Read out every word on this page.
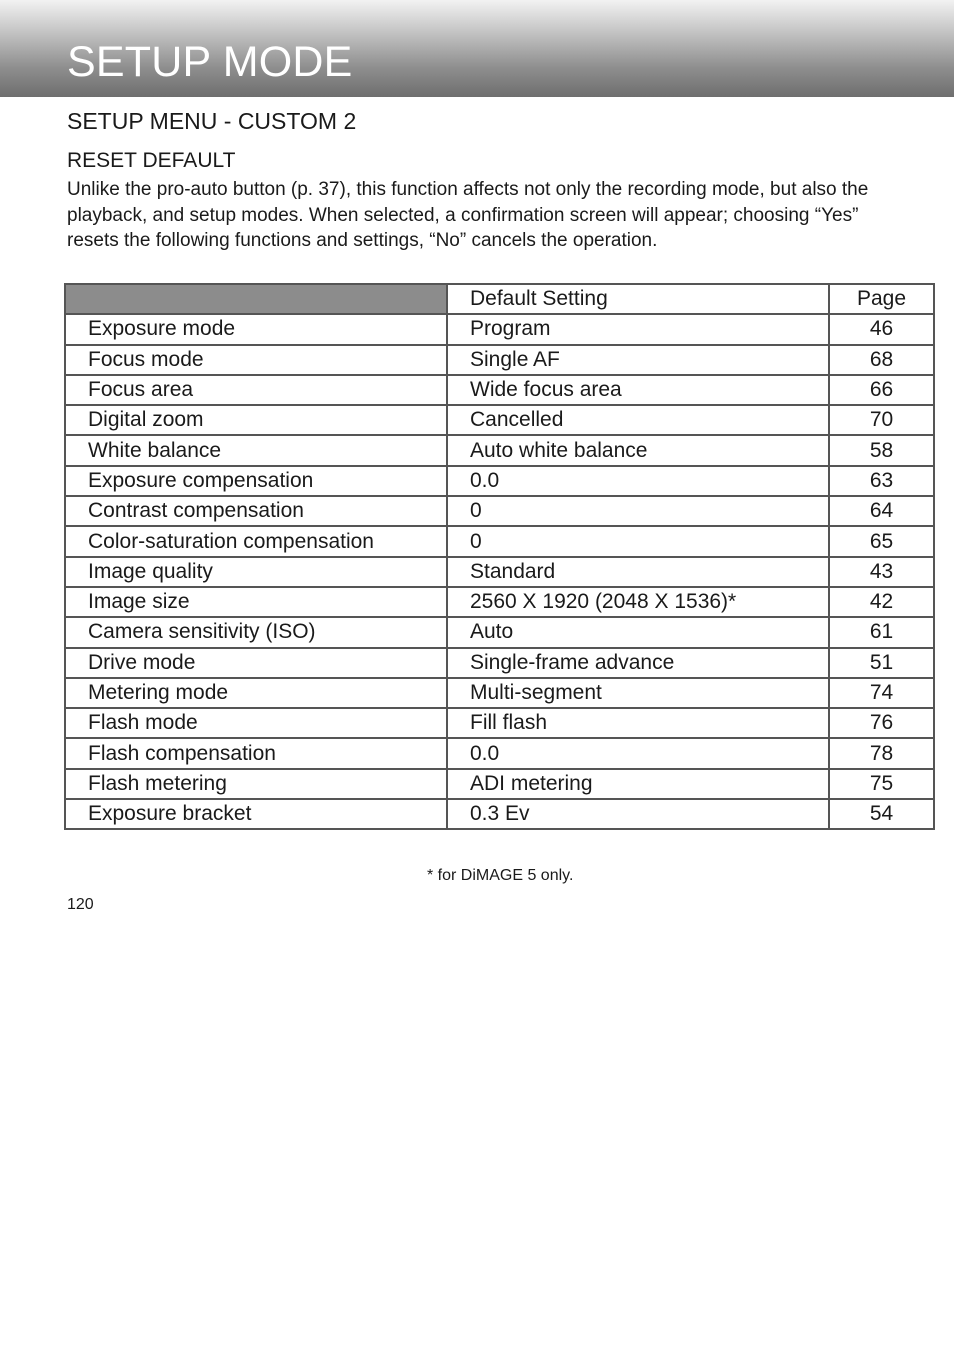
SETUP MODE
SETUP MENU - CUSTOM 2
RESET DEFAULT
Unlike the pro-auto button (p. 37), this function affects not only the recording mode, but also the playback, and setup modes. When selected, a confirmation screen will appear; choosing “Yes” resets the following functions and settings, “No” cancels the operation.
	Default Setting	Page
Exposure mode	Program	46
Focus mode	Single AF	68
Focus area	Wide focus area	66
Digital zoom	Cancelled	70
White balance	Auto white balance	58
Exposure compensation	0.0	63
Contrast compensation	0	64
Color-saturation compensation	0	65
Image quality	Standard	43
Image size	2560 X 1920 (2048 X 1536)*	42
Camera sensitivity (ISO)	Auto	61
Drive mode	Single-frame advance	51
Metering mode	Multi-segment	74
Flash mode	Fill flash	76
Flash compensation	0.0	78
Flash metering	ADI metering	75
Exposure bracket	0.3 Ev	54
* for DiMAGE 5 only.
120
